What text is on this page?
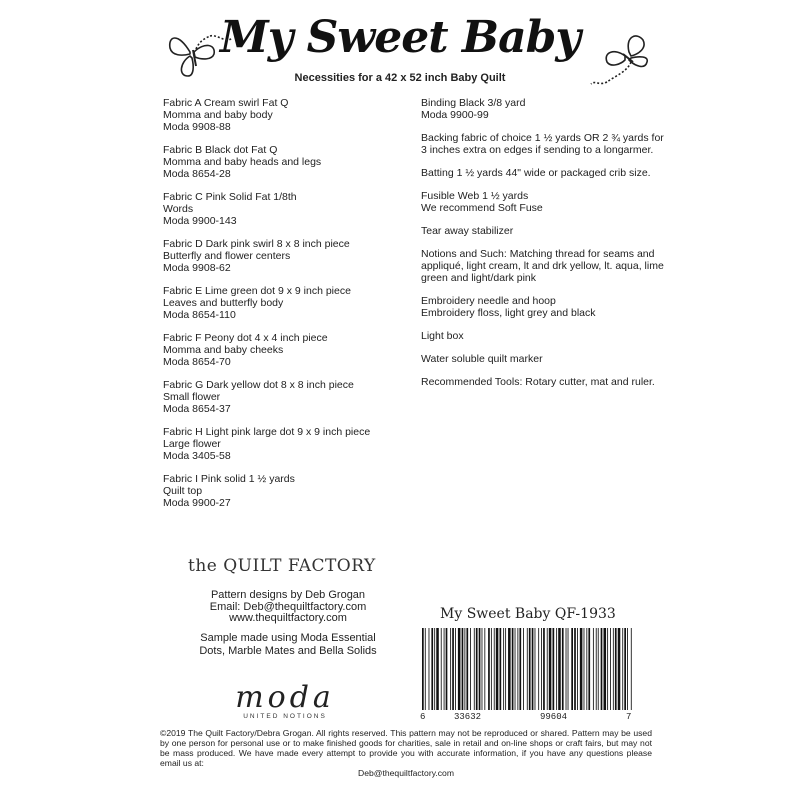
My Sweet Baby
Necessities for a 42 x 52 inch Baby Quilt

Fabric A Cream swirl Fat Q
Momma and baby body
Moda 9908-88

Fabric B Black dot Fat Q
Momma and baby heads and legs
Moda 8654-28

Fabric C Pink Solid Fat 1/8th
Words
Moda 9900-143

Fabric D Dark pink swirl 8 x 8 inch piece
Butterfly and flower centers
Moda 9908-62

Fabric E Lime green dot 9 x 9 inch piece
Leaves and butterfly body
Moda 8654-110

Fabric F Peony dot 4 x 4 inch piece
Momma and baby cheeks
Moda 8654-70

Fabric G Dark yellow dot 8 x 8 inch piece
Small flower
Moda 8654-37

Fabric H Light pink large dot 9 x 9 inch piece
Large flower
Moda 3405-58

Fabric I Pink solid 1 ½ yards
Quilt top
Moda 9900-27

Binding Black 3/8 yard
Moda 9900-99

Backing fabric of choice 1 ½ yards OR 2 ¾ yards for 3 inches extra on edges if sending to a longarmer.

Batting 1 ½ yards 44" wide or packaged crib size.

Fusible Web 1 ½ yards
We recommend Soft Fuse

Tear away stabilizer

Notions and Such: Matching thread for seams and appliqué, light cream, lt and drk yellow, lt. aqua, lime green and light/dark pink

Embroidery needle and hoop
Embroidery floss, light grey and black

Light box

Water soluble quilt marker

Recommended Tools: Rotary cutter, mat and ruler.

the QUILT FACTORY
Pattern designs by Deb Grogan
Email: Deb@thequiltfactory.com
www.thequiltfactory.com
Sample made using Moda Essential Dots, Marble Mates and Bella Solids
moda
UNITED NOTIONS
My Sweet Baby QF-1933
6	33632	99604	7
©2019 The Quilt Factory/Debra Grogan. All rights reserved. This pattern may not be reproduced or shared. Pattern may be used by one person for personal use or to make finished goods for charities, sale in retail and on-line shops or craft fairs, but may not be mass produced. We have made every attempt to provide you with accurate information, if you have any questions please email us at:
Deb@thequiltfactory.com
